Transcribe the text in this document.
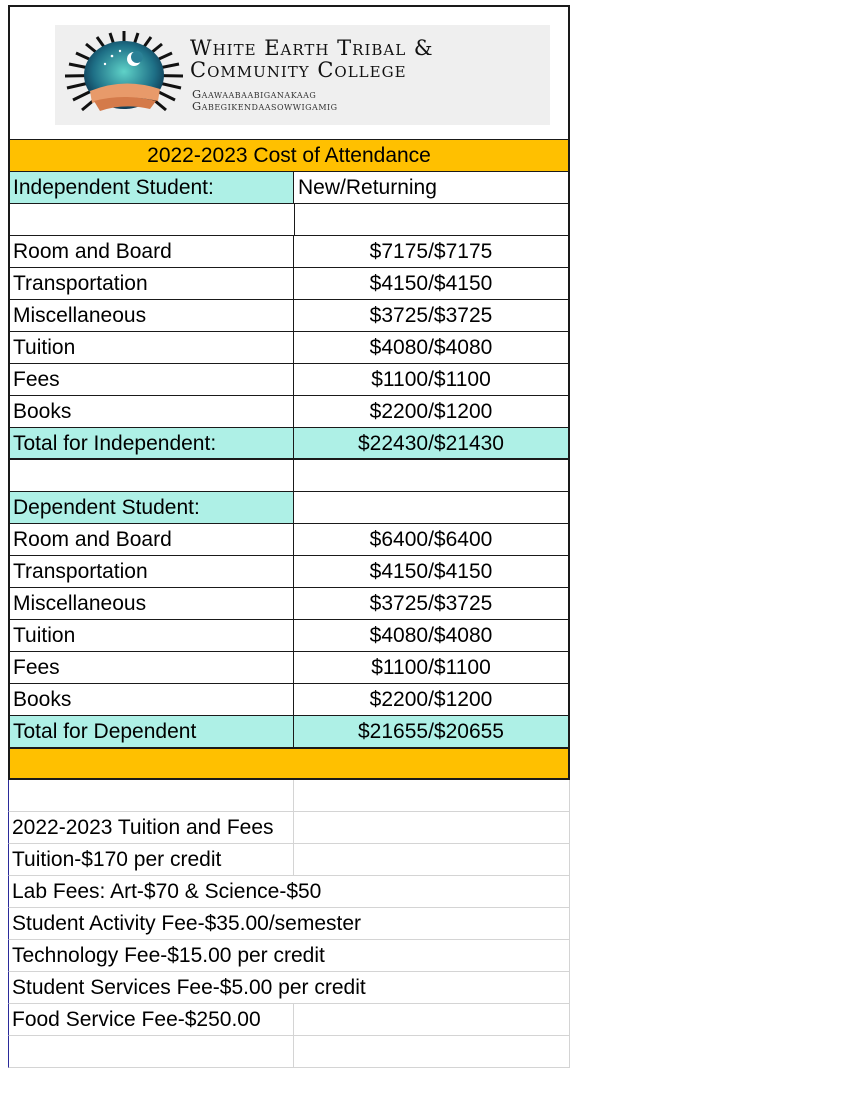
White Earth Tribal &
Community College
Gaawaabaabiganakaag
Gabegikendaasowwigamig
2022-2023 Cost of Attendance
Independent Student:	New/Returning
Room and Board	$7175/$7175
Transportation	$4150/$4150
Miscellaneous	$3725/$3725
Tuition	$4080/$4080
Fees	$1100/$1100
Books	$2200/$1200
Total for Independent:	$22430/$21430
Dependent Student:
Room and Board	$6400/$6400
Transportation	$4150/$4150
Miscellaneous	$3725/$3725
Tuition	$4080/$4080
Fees	$1100/$1100
Books	$2200/$1200
Total for Dependent	$21655/$20655
2022-2023 Tuition and Fees
Tuition-$170 per credit
Lab Fees: Art-$70 & Science-$50
Student Activity Fee-$35.00/semester
Technology Fee-$15.00 per credit
Student Services Fee-$5.00 per credit
Food Service Fee-$250.00
